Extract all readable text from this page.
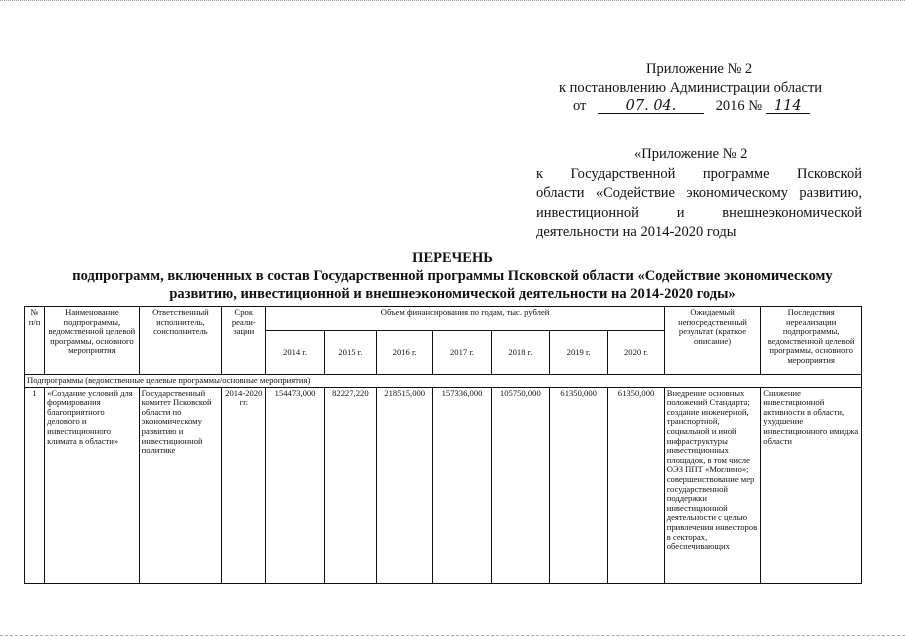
Приложение № 2
к постановлению Администрации области
от	07. 04.	2016 № 114
«Приложение № 2
к Государственной программе Псковской
области «Содействие экономическому развитию,
инвестиционной и внешнеэкономической
деятельности на 2014-2020 годы
ПЕРЕЧЕНЬ
подпрограмм, включенных в состав Государственной программы Псковской области «Содействие экономическому
развитию, инвестиционной и внешнеэкономической деятельности на 2014-2020 годы»
№ п/п	Наименование подпрограммы, ведомственной целевой программы, основного мероприятия	Ответственный исполнитель, соисполнитель	Срок реали-зации	Объем финансирования по годам, тыс. рублей							Ожидаемый непосредственный результат (краткое описание)	Последствия нереализации подпрограммы, ведомственной целевой программы, основного мероприятия
				2014 г.	2015 г.	2016 г.	2017 г.	2018 г.	2019 г.	2020 г.		
Подпрограммы (ведомственные целевые программы/основные мероприятия)												
1	«Создание условий для формирования благоприятного делового и инвестиционного климата в области»	Государственный комитет Псковской области по экономическому развитию и инвестиционной политике	2014-2020 гг.	154473,000	82227,220	218515,000	157336,000	105750,000	61350,000	61350,000	Внедрение основных положений Стандарта; создание инженерной, транспортной, социальной и иной инфраструктуры инвестиционных площадок, в том числе ОЭЗ ППТ «Моглино»; совершенствование мер государственной поддержки инвестиционной деятельности с целью привлечения инвесторов в секторах, обеспечивающих	Снижение инвестиционной активности в области, ухудшение инвестиционного имиджа области
